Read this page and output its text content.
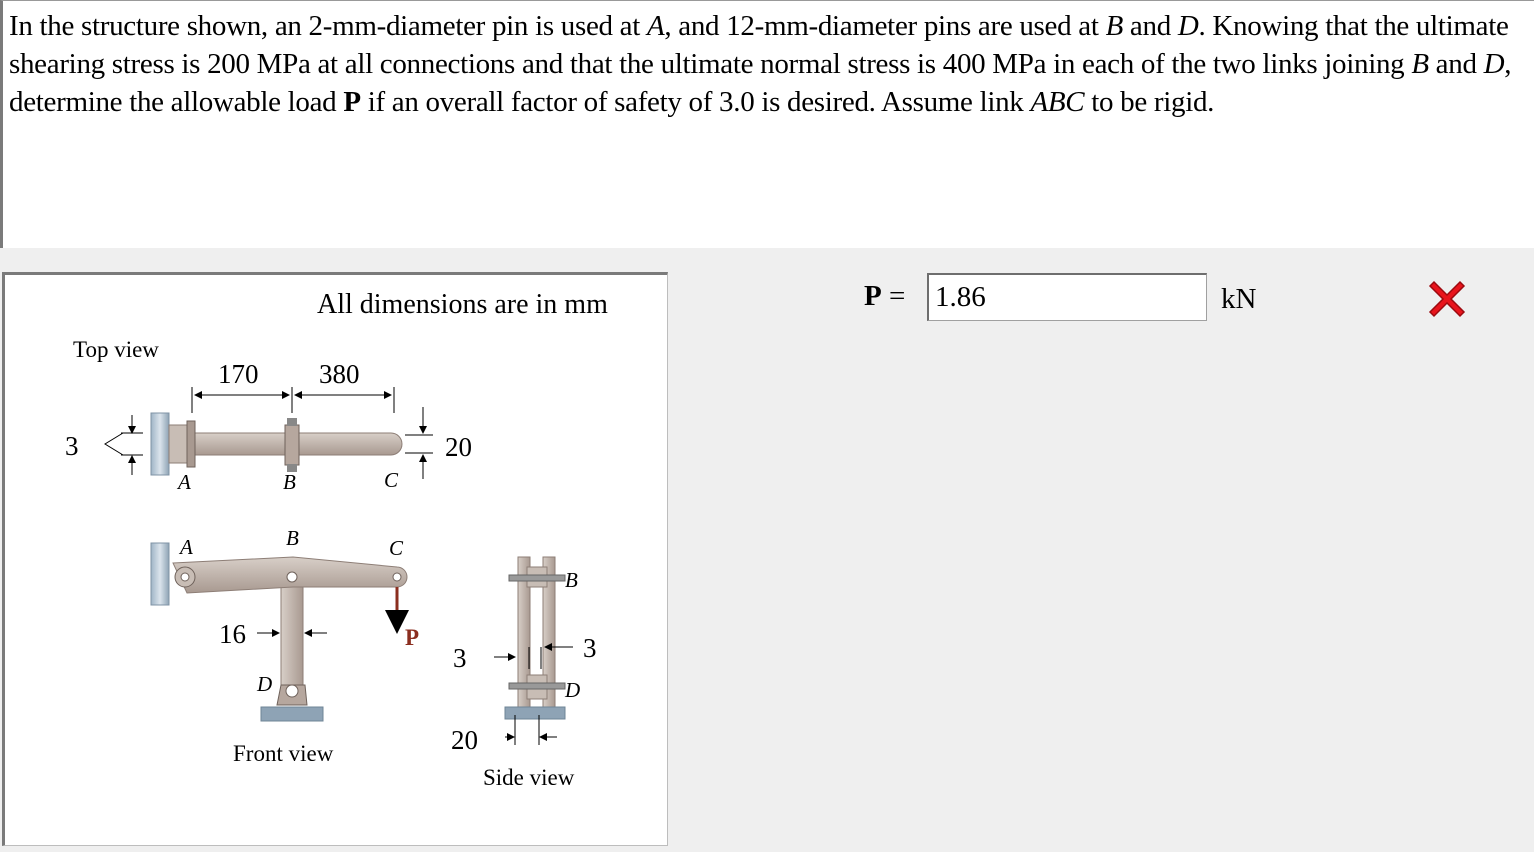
In the structure shown, an 2-mm-diameter pin is used at A, and 12-mm-diameter pins are used at B and D. Knowing that the ultimate shearing stress is 200 MPa at all connections and that the ultimate normal stress is 400 MPa in each of the two links joining B and D, determine the allowable load P if an overall factor of safety of 3.0 is desired. Assume link ABC to be rigid.
All dimensions are in mm
Top view
170 380
3	20
A	B	C
A	B	C
P
16
D
Front view
B
D
3	3
20
Side view
P =
1.86	kN
